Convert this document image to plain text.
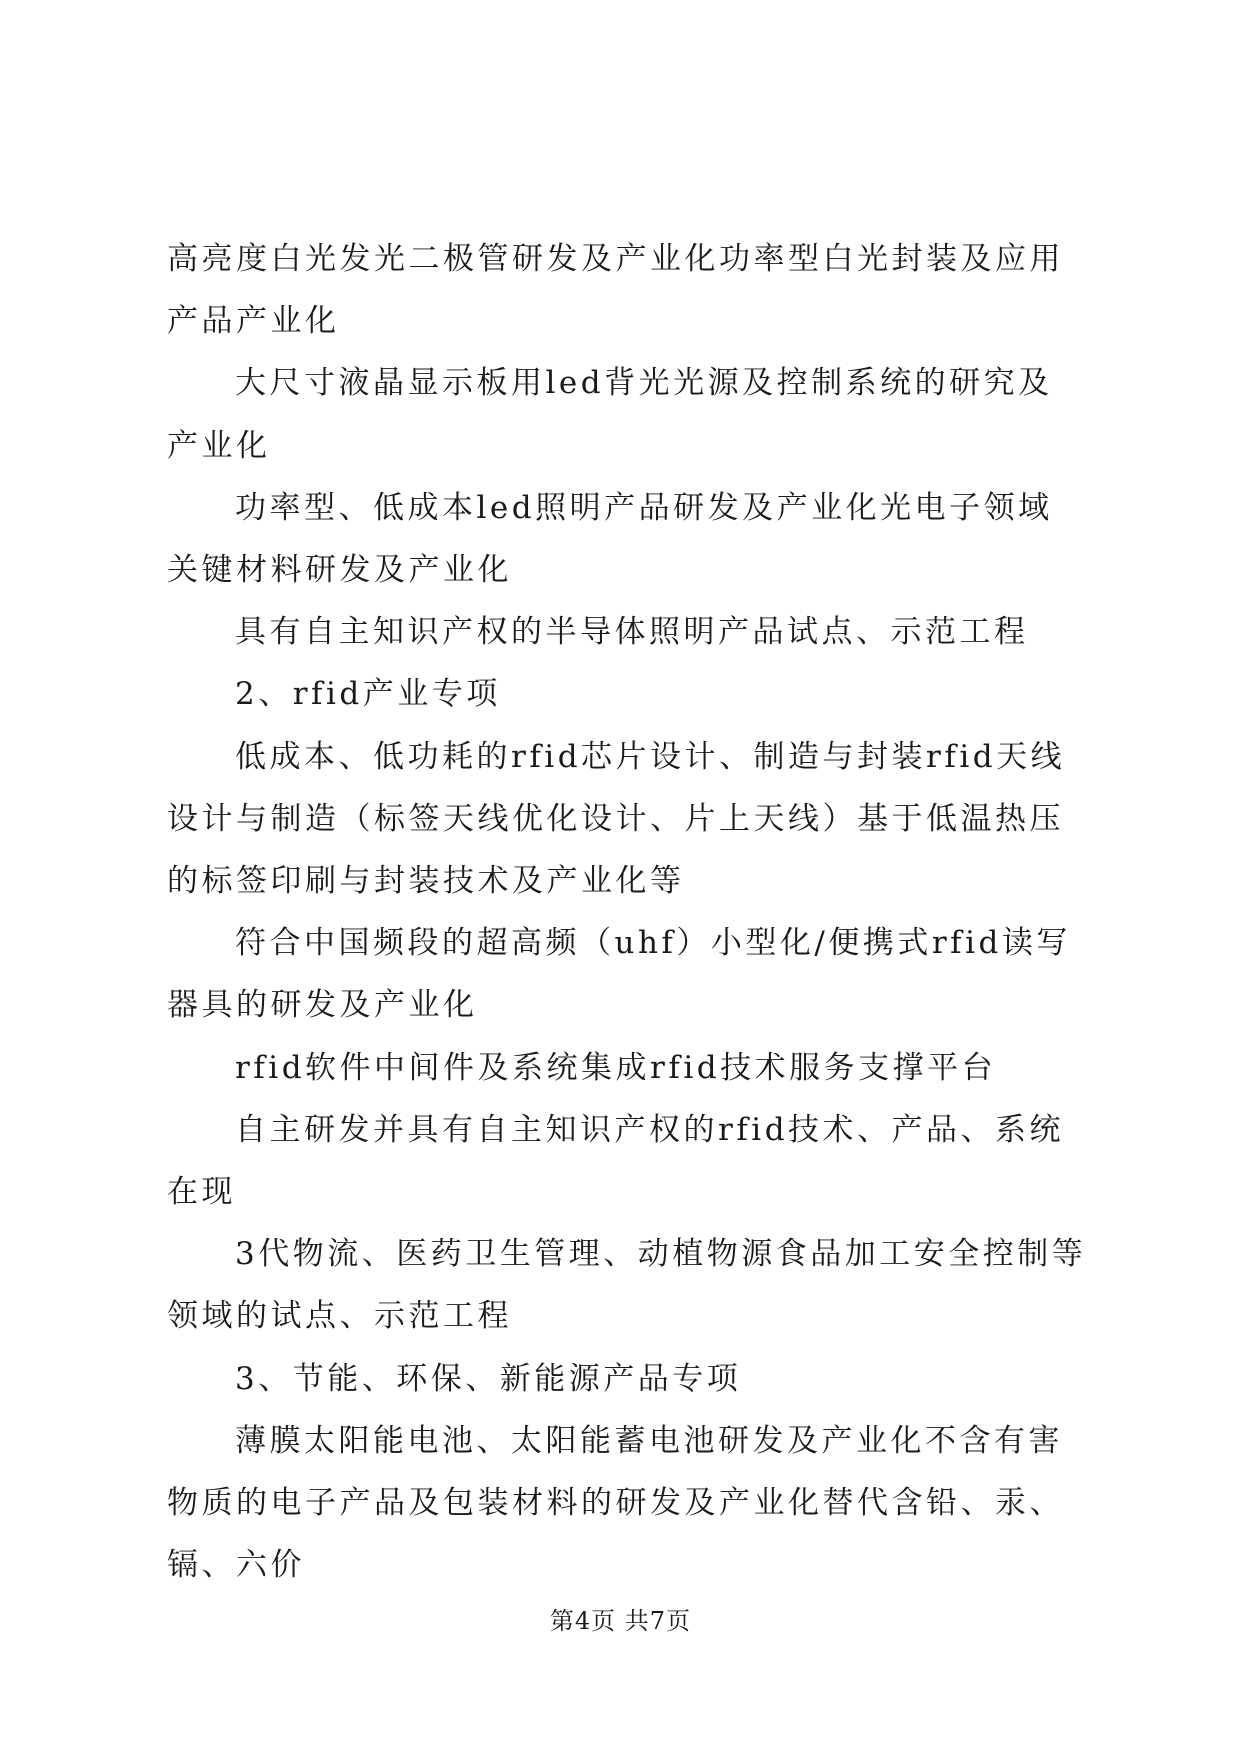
高亮度白光发光二极管研发及产业化功率型白光封装及应用产品产业化

大尺寸液晶显示板用led背光光源及控制系统的研究及产业化

功率型、低成本led照明产品研发及产业化光电子领域关键材料研发及产业化

具有自主知识产权的半导体照明产品试点、示范工程

2、rfid产业专项

低成本、低功耗的rfid芯片设计、制造与封装rfid天线设计与制造（标签天线优化设计、片上天线）基于低温热压的标签印刷与封装技术及产业化等

符合中国频段的超高频（uhf）小型化/便携式rfid读写器具的研发及产业化

rfid软件中间件及系统集成rfid技术服务支撑平台

自主研发并具有自主知识产权的rfid技术、产品、系统在现

3代物流、医药卫生管理、动植物源食品加工安全控制等领域的试点、示范工程

3、节能、环保、新能源产品专项

薄膜太阳能电池、太阳能蓄电池研发及产业化不含有害物质的电子产品及包装材料的研发及产业化替代含铅、汞、镉、六价

第4页 共7页
